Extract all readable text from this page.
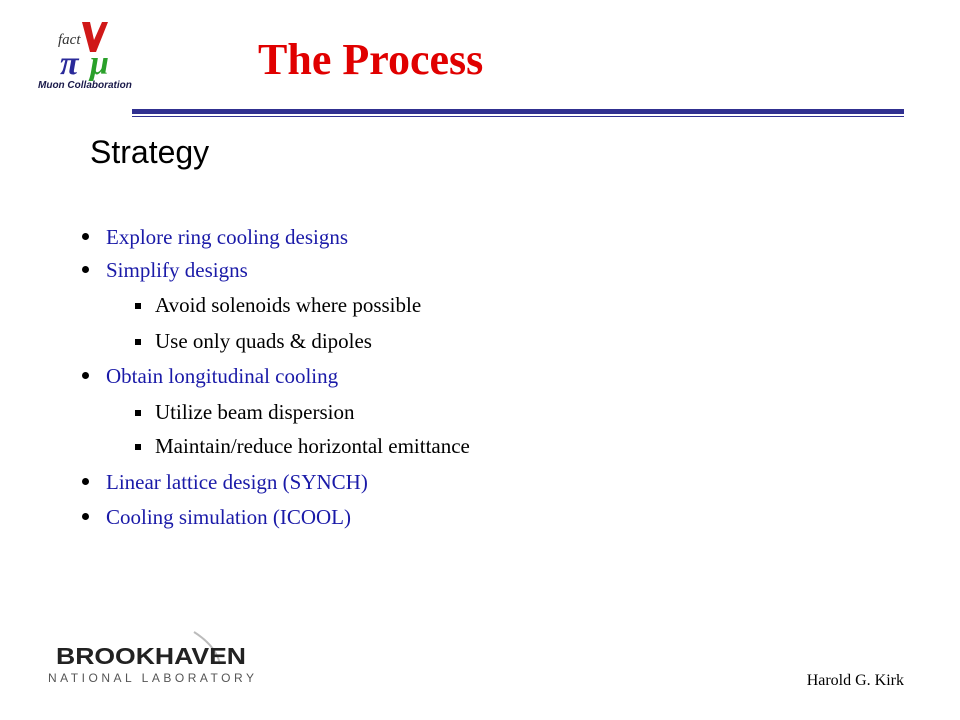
fact
π μ
Muon Collaboration
The Process
Strategy
Explore ring cooling designs
Simplify designs
Avoid solenoids where possible
Use only quads & dipoles
Obtain longitudinal cooling
Utilize beam dispersion
Maintain/reduce horizontal emittance
Linear lattice design (SYNCH)
Cooling simulation (ICOOL)
BROOKHAVEN
NATIONAL LABORATORY	Harold G. Kirk
